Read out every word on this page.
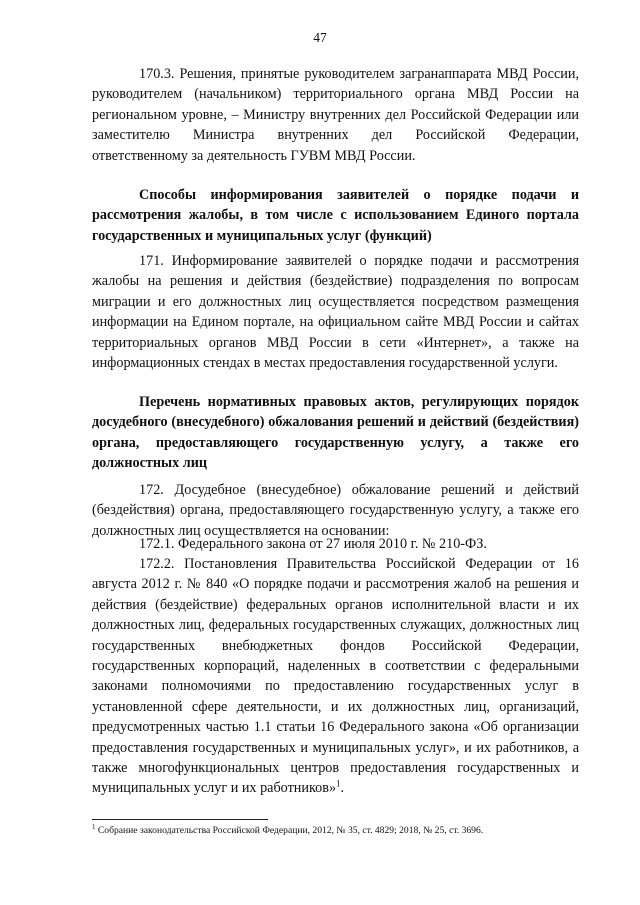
47
170.3. Решения, принятые руководителем загранаппарата МВД России, руководителем (начальником) территориального органа МВД России на региональном уровне, – Министру внутренних дел Российской Федерации или заместителю Министра внутренних дел Российской Федерации, ответственному за деятельность ГУВМ МВД России.
Способы информирования заявителей о порядке подачи и рассмотрения жалобы, в том числе с использованием Единого портала государственных и муниципальных услуг (функций)
171. Информирование заявителей о порядке подачи и рассмотрения жалобы на решения и действия (бездействие) подразделения по вопросам миграции и его должностных лиц осуществляется посредством размещения информации на Едином портале, на официальном сайте МВД России и сайтах территориальных органов МВД России в сети «Интернет», а также на информационных стендах в местах предоставления государственной услуги.
Перечень нормативных правовых актов, регулирующих порядок досудебного (внесудебного) обжалования решений и действий (бездействия) органа, предоставляющего государственную услугу, а также его должностных лиц
172. Досудебное (внесудебное) обжалование решений и действий (бездействия) органа, предоставляющего государственную услугу, а также его должностных лиц осуществляется на основании:
172.1. Федерального закона от 27 июля 2010 г. № 210-ФЗ.
172.2. Постановления Правительства Российской Федерации от 16 августа 2012 г. № 840 «О порядке подачи и рассмотрения жалоб на решения и действия (бездействие) федеральных органов исполнительной власти и их должностных лиц, федеральных государственных служащих, должностных лиц государственных внебюджетных фондов Российской Федерации, государственных корпораций, наделенных в соответствии с федеральными законами полномочиями по предоставлению государственных услуг в установленной сфере деятельности, и их должностных лиц, организаций, предусмотренных частью 1.1 статьи 16 Федерального закона «Об организации предоставления государственных и муниципальных услуг», и их работников, а также многофункциональных центров предоставления государственных и муниципальных услуг и их работников»$^1$.
$^1$ Собрание законодательства Российской Федерации, 2012, № 35, ст. 4829; 2018, № 25, ст. 3696.
